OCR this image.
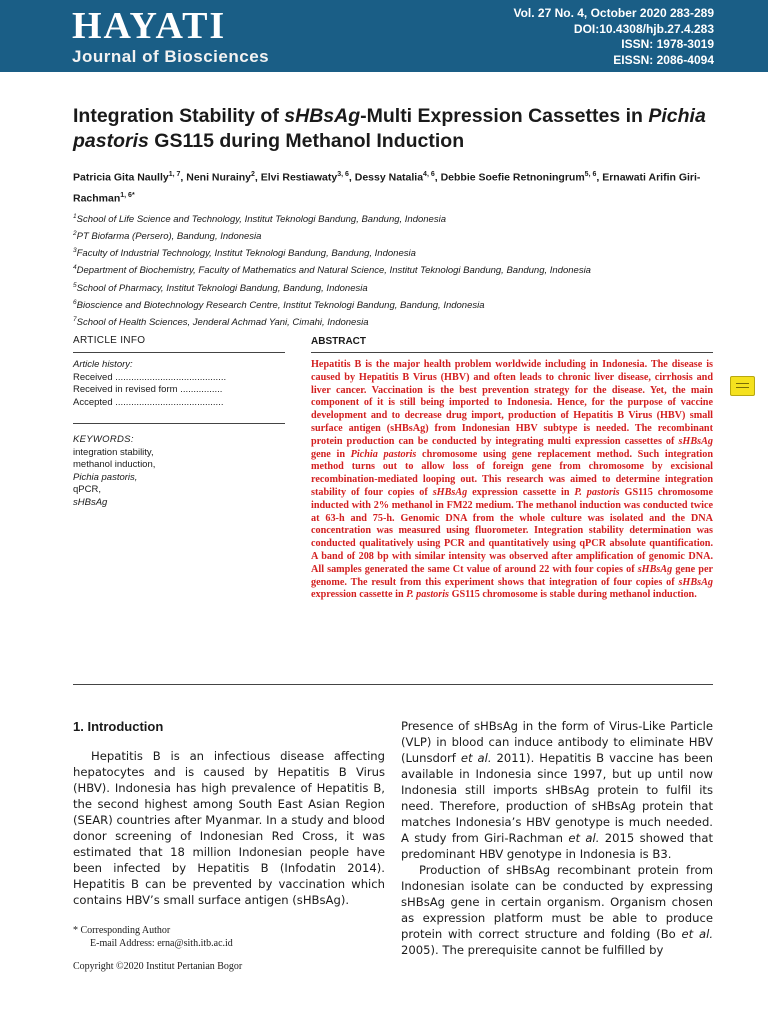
HAYATI
Journal of Biosciences
Vol. 27 No. 4, October 2020 283-289
DOI:10.4308/hjb.27.4.283
ISSN: 1978-3019
EISSN: 2086-4094
Integration Stability of sHBsAg-Multi Expression Cassettes in Pichia pastoris GS115 during Methanol Induction
Patricia Gita Naully$^{1, 7}$, Neni Nurainy$^2$, Elvi Restiawaty$^{3, 6}$, Dessy Natalia$^{4, 6}$, Debbie Soefie Retnoningrum$^{5, 6}$, Ernawati Arifin Giri-Rachman$^{1, 6*}$
$^1$School of Life Science and Technology, Institut Teknologi Bandung, Bandung, Indonesia
$^2$PT Biofarma (Persero), Bandung, Indonesia
$^3$Faculty of Industrial Technology, Institut Teknologi Bandung, Bandung, Indonesia
$^4$Department of Biochemistry, Faculty of Mathematics and Natural Science, Institut Teknologi Bandung, Bandung, Indonesia
$^5$School of Pharmacy, Institut Teknologi Bandung, Bandung, Indonesia
$^6$Bioscience and Biotechnology Research Centre, Institut Teknologi Bandung, Bandung, Indonesia
$^7$School of Health Sciences, Jenderal Achmad Yani, Cimahi, Indonesia
ARTICLE INFO
Article history:
Received ..........................................
Received in revised form ................
Accepted .........................................
KEYWORDS:
integration stability,
methanol induction,
Pichia pastoris,
qPCR,
sHBsAg
ABSTRACT
Hepatitis B is the major health problem worldwide including in Indonesia. The disease is caused by Hepatitis B Virus (HBV) and often leads to chronic liver disease, cirrhosis and liver cancer. Vaccination is the best prevention strategy for the disease. Yet, the main component of it is still being imported to Indonesia. Hence, for the purpose of vaccine development and to decrease drug import, production of Hepatitis B Virus (HBV) small surface antigen (sHBsAg) from Indonesian HBV subtype is needed. The recombinant protein production can be conducted by integrating multi expression cassettes of sHBsAg gene in Pichia pastoris chromosome using gene replacement method. Such integration method turns out to allow loss of foreign gene from chromosome by excisional recombination-mediated looping out. This research was aimed to determine integration stability of four copies of sHBsAg expression cassette in P. pastoris GS115 chromosome inducted with 2% methanol in FM22 medium. The methanol induction was conducted twice at 63-h and 75-h. Genomic DNA from the whole culture was isolated and the DNA concentration was measured using fluorometer. Integration stability determination was conducted qualitatively using PCR and quantitatively using qPCR absolute quantification. A band of 208 bp with similar intensity was observed after amplification of genomic DNA. All samples generated the same Ct value of around 22 with four copies of sHBsAg gene per genome. The result from this experiment shows that integration of four copies of sHBsAg expression cassette in P. pastoris GS115 chromosome is stable during methanol induction.
1. Introduction

Hepatitis B is an infectious disease affecting hepatocytes and is caused by Hepatitis B Virus (HBV). Indonesia has high prevalence of Hepatitis B, the second highest among South East Asian Region (SEAR) countries after Myanmar. In a study and blood donor screening of Indonesian Red Cross, it was estimated that 18 million Indonesian people have been infected by Hepatitis B (Infodatin 2014). Hepatitis B can be prevented by vaccination which contains HBV’s small surface antigen (sHBsAg).

Presence of sHBsAg in the form of Virus-Like Particle (VLP) in blood can induce antibody to eliminate HBV (Lunsdorf et al. 2011). Hepatitis B vaccine has been available in Indonesia since 1997, but up until now Indonesia still imports sHBsAg protein to fulfil its need. Therefore, production of sHBsAg protein that matches Indonesia’s HBV genotype is much needed. A study from Giri-Rachman et al. 2015 showed that predominant HBV genotype in Indonesia is B3.

Production of sHBsAg recombinant protein from Indonesian isolate can be conducted by expressing sHBsAg gene in certain organism. Organism chosen as expression platform must be able to produce protein with correct structure and folding (Bo et al. 2005). The prerequisite cannot be fulfilled by

* Corresponding Author
E-mail Address: erna@sith.itb.ac.id
Copyright ©2020 Institut Pertanian Bogor
